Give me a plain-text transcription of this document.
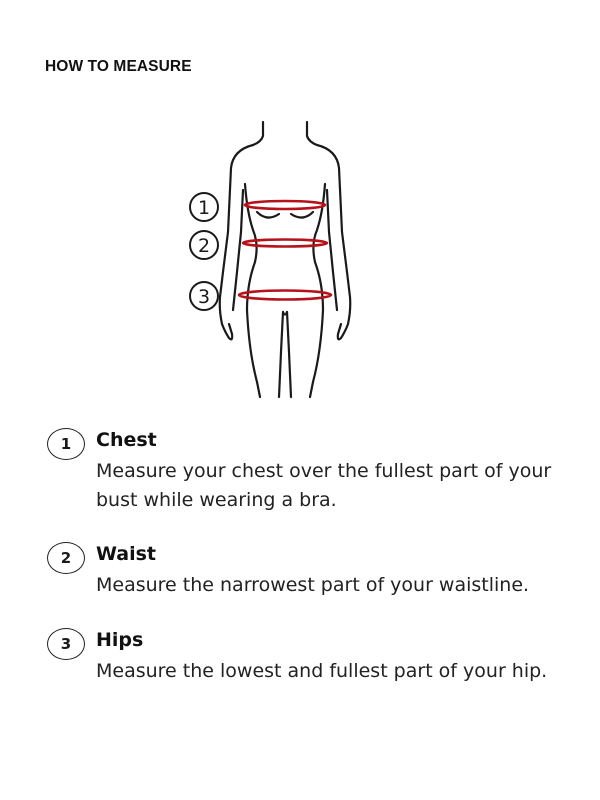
HOW TO MEASURE
1
2
3
1	Chest
Measure your chest over the fullest part of your bust while wearing a bra.
2	Waist
Measure the narrowest part of your waistline.
3	Hips
Measure the lowest and fullest part of your hip.
